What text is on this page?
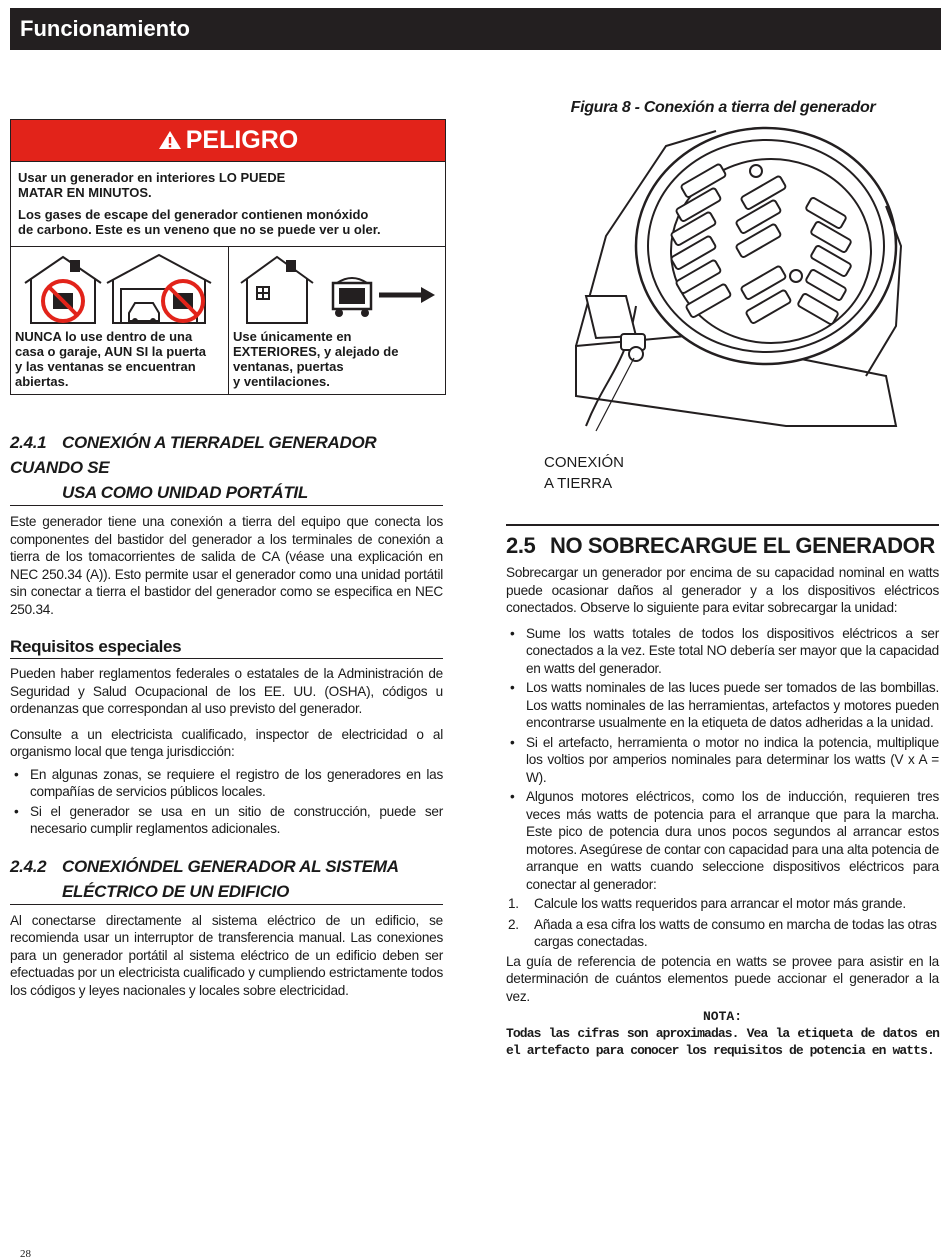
Funcionamiento
PELIGRO
Usar un generador en interiores LO PUEDE
MATAR EN MINUTOS.
Los gases de escape del generador contienen monóxido
de carbono. Este es un veneno que no se puede ver u oler.
NUNCA lo use dentro de una
casa o garaje, AUN SI la puerta
y las ventanas se encuentran
abiertas.
Use únicamente en
EXTERIORES, y alejado de
ventanas, puertas
y ventilaciones.
2.4.1 CONEXIÓN A TIERRADEL GENERADOR CUANDO SE
USA COMO UNIDAD PORTÁTIL

Este generador tiene una conexión a tierra del equipo que conecta los componentes del bastidor del generador a los terminales de conexión a tierra de los tomacorrientes de salida de CA (véase una explicación en NEC 250.34 (A)). Esto permite usar el generador como una unidad portátil sin conectar a tierra el bastidor del generador como se especifica en NEC 250.34.

Requisitos especiales

Pueden haber reglamentos federales o estatales de la Administración de Seguridad y Salud Ocupacional de los EE. UU. (OSHA), códigos u ordenanzas que correspondan al uso previsto del generador.

Consulte a un electricista cualificado, inspector de electricidad o al organismo local que tenga jurisdicción:

• En algunas zonas, se requiere el registro de los generadores en las compañías de servicios públicos locales.
• Si el generador se usa en un sitio de construcción, puede ser necesario cumplir reglamentos adicionales.
2.4.2 CONEXIÓNDEL GENERADOR AL SISTEMA
ELÉCTRICO DE UN EDIFICIO

Al conectarse directamente al sistema eléctrico de un edificio, se recomienda usar un interruptor de transferencia manual. Las conexiones para un generador portátil al sistema eléctrico de un edificio deben ser efectuadas por un electricista cualificado y cumpliendo estrictamente todos los códigos y leyes nacionales y locales sobre electricidad.

Figura 8 - Conexión a tierra del generador
CONEXIÓN
A TIERRA
2.5 NO SOBRECARGUE EL GENERADOR

Sobrecargar un generador por encima de su capacidad nominal en watts puede ocasionar daños al generador y a los dispositivos eléctricos conectados. Observe lo siguiente para evitar sobrecargar la unidad:

• Sume los watts totales de todos los dispositivos eléctricos a ser conectados a la vez. Este total NO debería ser mayor que la capacidad en watts del generador.
• Los watts nominales de las luces puede ser tomados de las bombillas. Los watts nominales de las herramientas, artefactos y motores pueden encontrarse usualmente en la etiqueta de datos adheridas a la unidad.
• Si el artefacto, herramienta o motor no indica la potencia, multiplique los voltios por amperios nominales para determinar los watts (V x A = W).
• Algunos motores eléctricos, como los de inducción, requieren tres veces más watts de potencia para el arranque que para la marcha. Este pico de potencia dura unos pocos segundos al arrancar estos motores. Asegúrese de contar con capacidad para una alta potencia de arranque en watts cuando seleccione dispositivos eléctricos para conectar al generador:
1. Calcule los watts requeridos para arrancar el motor más grande.
2. Añada a esa cifra los watts de consumo en marcha de todas las otras cargas conectadas.

La guía de referencia de potencia en watts se provee para asistir en la determinación de cuántos elementos puede accionar el generador a la vez.

NOTA:

Todas las cifras son aproximadas. Vea la etiqueta de datos en el artefacto para conocer los requisitos de potencia en watts.

28
